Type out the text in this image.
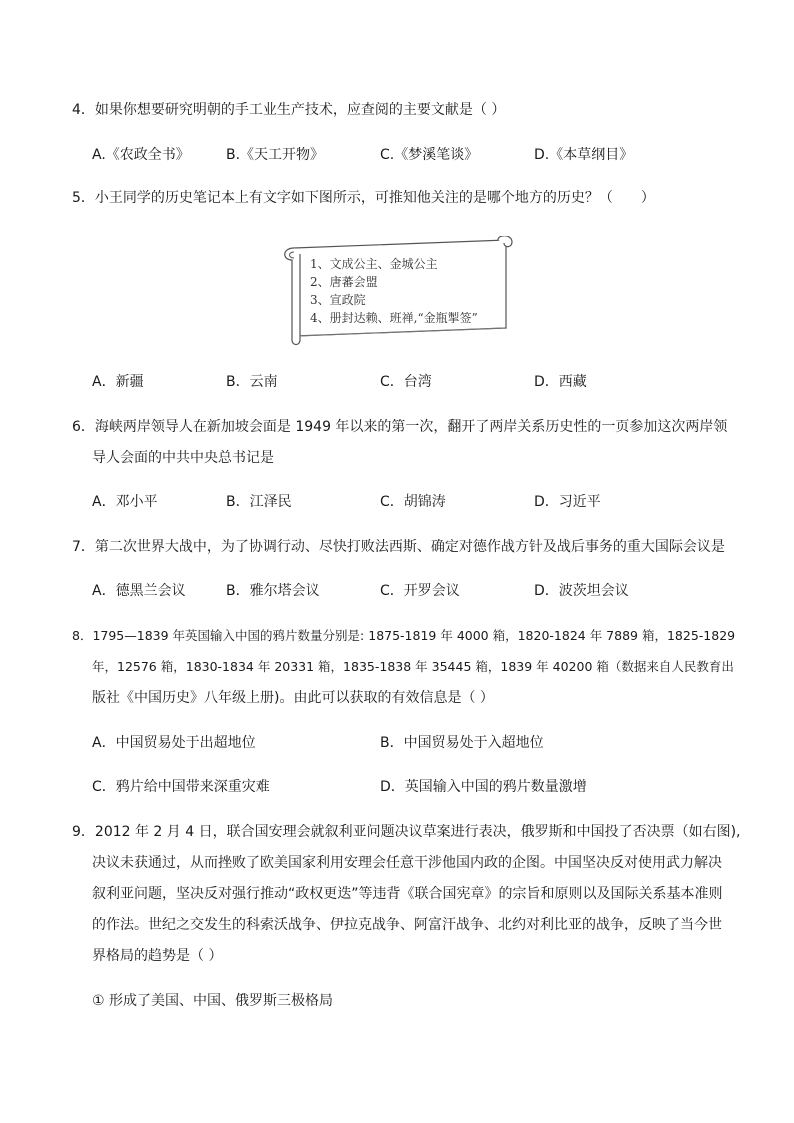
4．如果你想要研究明朝的手工业生产技术，应查阅的主要文献是（ ）
A.《农政全书》	B.《天工开物》	C.《梦溪笔谈》	D.《本草纲目》
5．小王同学的历史笔记本上有文字如下图所示，可推知他关注的是哪个地方的历史？（　　）
1、文成公主、金城公主
2、唐蕃会盟
3、宣政院
4、册封达赖、班禅,“金瓶掣签”
A．新疆	B．云南	C．台湾	D．西藏
6．海峡两岸领导人在新加坡会面是 1949 年以来的第一次，翻开了两岸关系历史性的一页参加这次两岸领
导人会面的中共中央总书记是
A．邓小平	B．江泽民	C．胡锦涛	D．习近平
7．第二次世界大战中，为了协调行动、尽快打败法西斯、确定对德作战方针及战后事务的重大国际会议是
A．德黑兰会议	B．雅尔塔会议	C．开罗会议	D．波茨坦会议
8．1795—1839 年英国输入中国的鸦片数量分别是: 1875-1819 年 4000 箱，1820-1824 年 7889 箱，1825-1829
年，12576 箱，1830-1834 年 20331 箱，1835-1838 年 35445 箱，1839 年 40200 箱（数据来自人民教育出
版社《中国历史》八年级上册)。由此可以获取的有效信息是（ ）
A．中国贸易处于出超地位	B．中国贸易处于入超地位
C．鸦片给中国带来深重灾难	D．英国输入中国的鸦片数量激增
9．2012 年 2 月 4 日，联合国安理会就叙利亚问题决议草案进行表决，俄罗斯和中国投了否决票（如右图),
决议未获通过，从而挫败了欧美国家利用安理会任意干涉他国内政的企图。中国坚决反对使用武力解决
叙利亚问题，坚决反对强行推动“政权更迭”等违背《联合国宪章》的宗旨和原则以及国际关系基本准则
的作法。世纪之交发生的科索沃战争、伊拉克战争、阿富汗战争、北约对利比亚的战争，反映了当今世
界格局的趋势是（ ）
① 形成了美国、中国、俄罗斯三极格局
